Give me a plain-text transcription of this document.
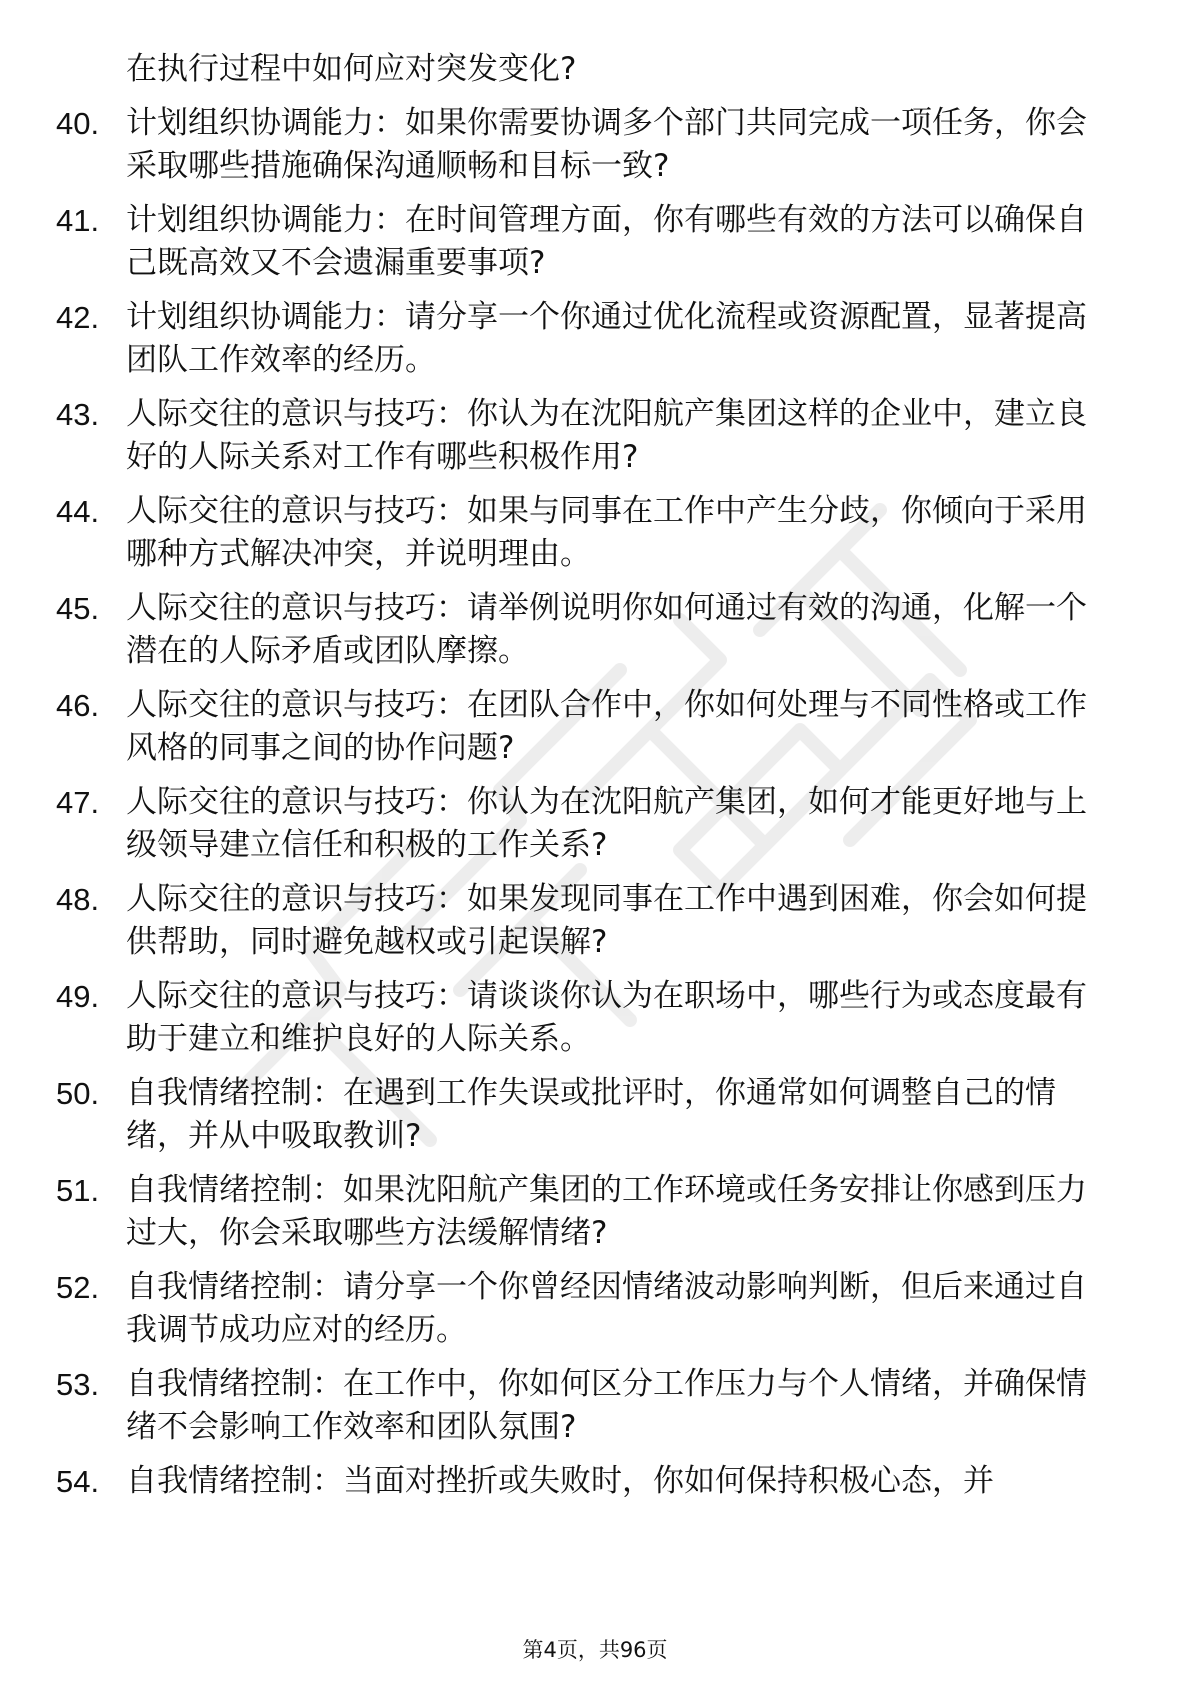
在执行过程中如何应对突发变化?
40. 计划组织协调能力：如果你需要协调多个部门共同完成一项任务，你会采取哪些措施确保沟通顺畅和目标一致?
41. 计划组织协调能力：在时间管理方面，你有哪些有效的方法可以确保自己既高效又不会遗漏重要事项?
42. 计划组织协调能力：请分享一个你通过优化流程或资源配置，显著提高团队工作效率的经历。
43. 人际交往的意识与技巧：你认为在沈阳航产集团这样的企业中，建立良好的人际关系对工作有哪些积极作用?
44. 人际交往的意识与技巧：如果与同事在工作中产生分歧，你倾向于采用哪种方式解决冲突，并说明理由。
45. 人际交往的意识与技巧：请举例说明你如何通过有效的沟通，化解一个潜在的人际矛盾或团队摩擦。
46. 人际交往的意识与技巧：在团队合作中，你如何处理与不同性格或工作风格的同事之间的协作问题?
47. 人际交往的意识与技巧：你认为在沈阳航产集团，如何才能更好地与上级领导建立信任和积极的工作关系?
48. 人际交往的意识与技巧：如果发现同事在工作中遇到困难，你会如何提供帮助，同时避免越权或引起误解?
49. 人际交往的意识与技巧：请谈谈你认为在职场中，哪些行为或态度最有助于建立和维护良好的人际关系。
50. 自我情绪控制：在遇到工作失误或批评时，你通常如何调整自己的情绪，并从中吸取教训?
51. 自我情绪控制：如果沈阳航产集团的工作环境或任务安排让你感到压力过大，你会采取哪些方法缓解情绪?
52. 自我情绪控制：请分享一个你曾经因情绪波动影响判断，但后来通过自我调节成功应对的经历。
53. 自我情绪控制：在工作中，你如何区分工作压力与个人情绪，并确保情绪不会影响工作效率和团队氛围?
54. 自我情绪控制：当面对挫折或失败时，你如何保持积极心态，并
第4页，共96页
